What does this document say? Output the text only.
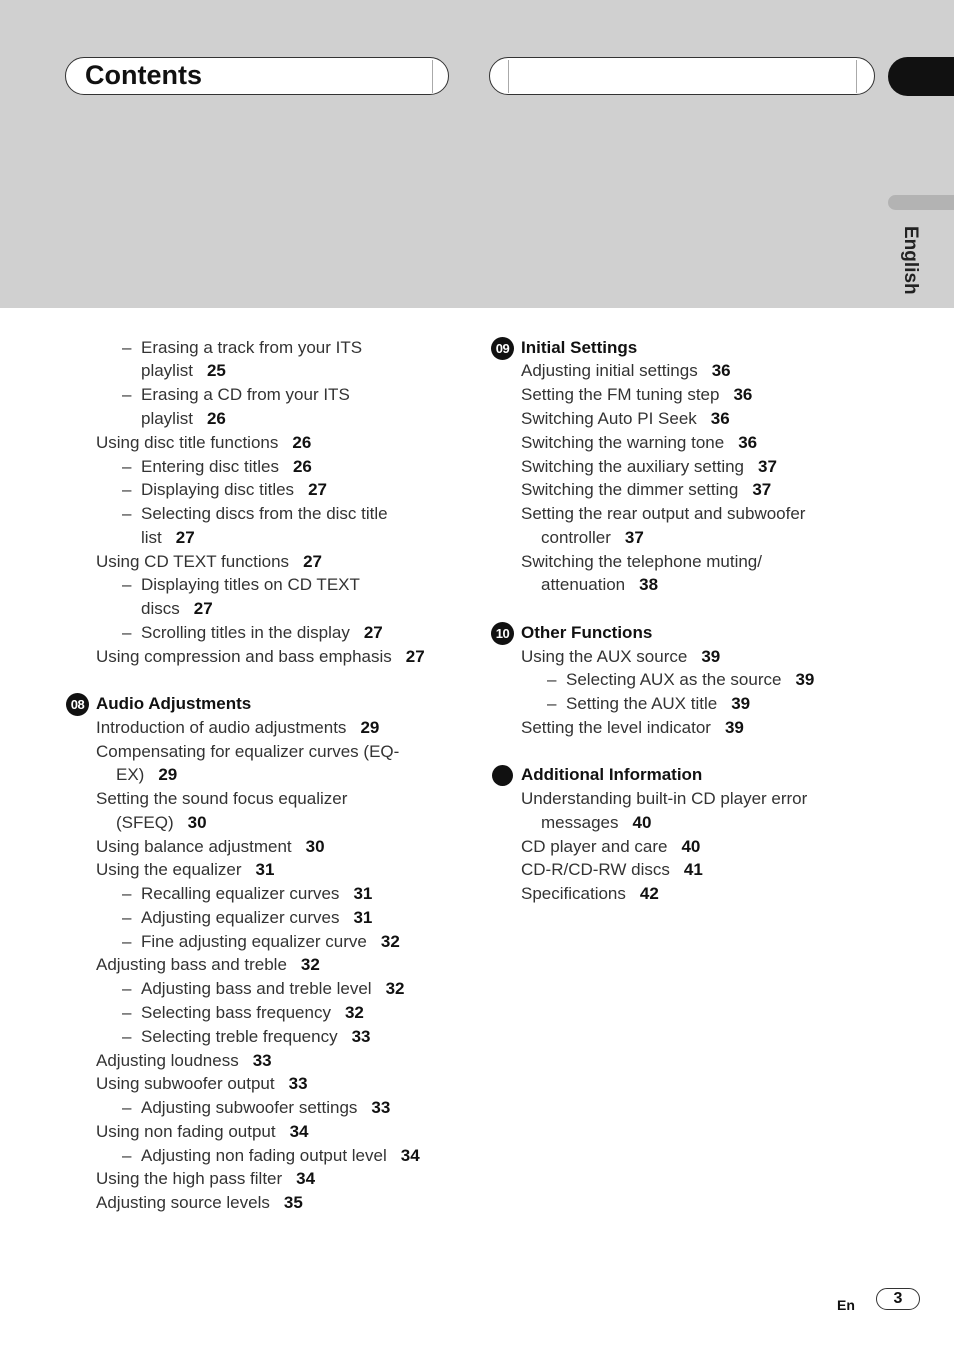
Contents
English
– Erasing a track from your ITS
playlist 25
– Erasing a CD from your ITS
playlist 26
Using disc title functions 26
– Entering disc titles 26
– Displaying disc titles 27
– Selecting discs from the disc title
list 27
Using CD TEXT functions 27
– Displaying titles on CD TEXT
discs 27
– Scrolling titles in the display 27
Using compression and bass emphasis 27
08 Audio Adjustments
Introduction of audio adjustments 29
Compensating for equalizer curves (EQ-
EX) 29
Setting the sound focus equalizer
(SFEQ) 30
Using balance adjustment 30
Using the equalizer 31
– Recalling equalizer curves 31
– Adjusting equalizer curves 31
– Fine adjusting equalizer curve 32
Adjusting bass and treble 32
– Adjusting bass and treble level 32
– Selecting bass frequency 32
– Selecting treble frequency 33
Adjusting loudness 33
Using subwoofer output 33
– Adjusting subwoofer settings 33
Using non fading output 34
– Adjusting non fading output level 34
Using the high pass filter 34
Adjusting source levels 35
09 Initial Settings
Adjusting initial settings 36
Setting the FM tuning step 36
Switching Auto PI Seek 36
Switching the warning tone 36
Switching the auxiliary setting 37
Switching the dimmer setting 37
Setting the rear output and subwoofer
controller 37
Switching the telephone muting/
attenuation 38
10 Other Functions
Using the AUX source 39
– Selecting AUX as the source 39
– Setting the AUX title 39
Setting the level indicator 39
Additional Information
Understanding built-in CD player error
messages 40
CD player and care 40
CD-R/CD-RW discs 41
Specifications 42
En	3
